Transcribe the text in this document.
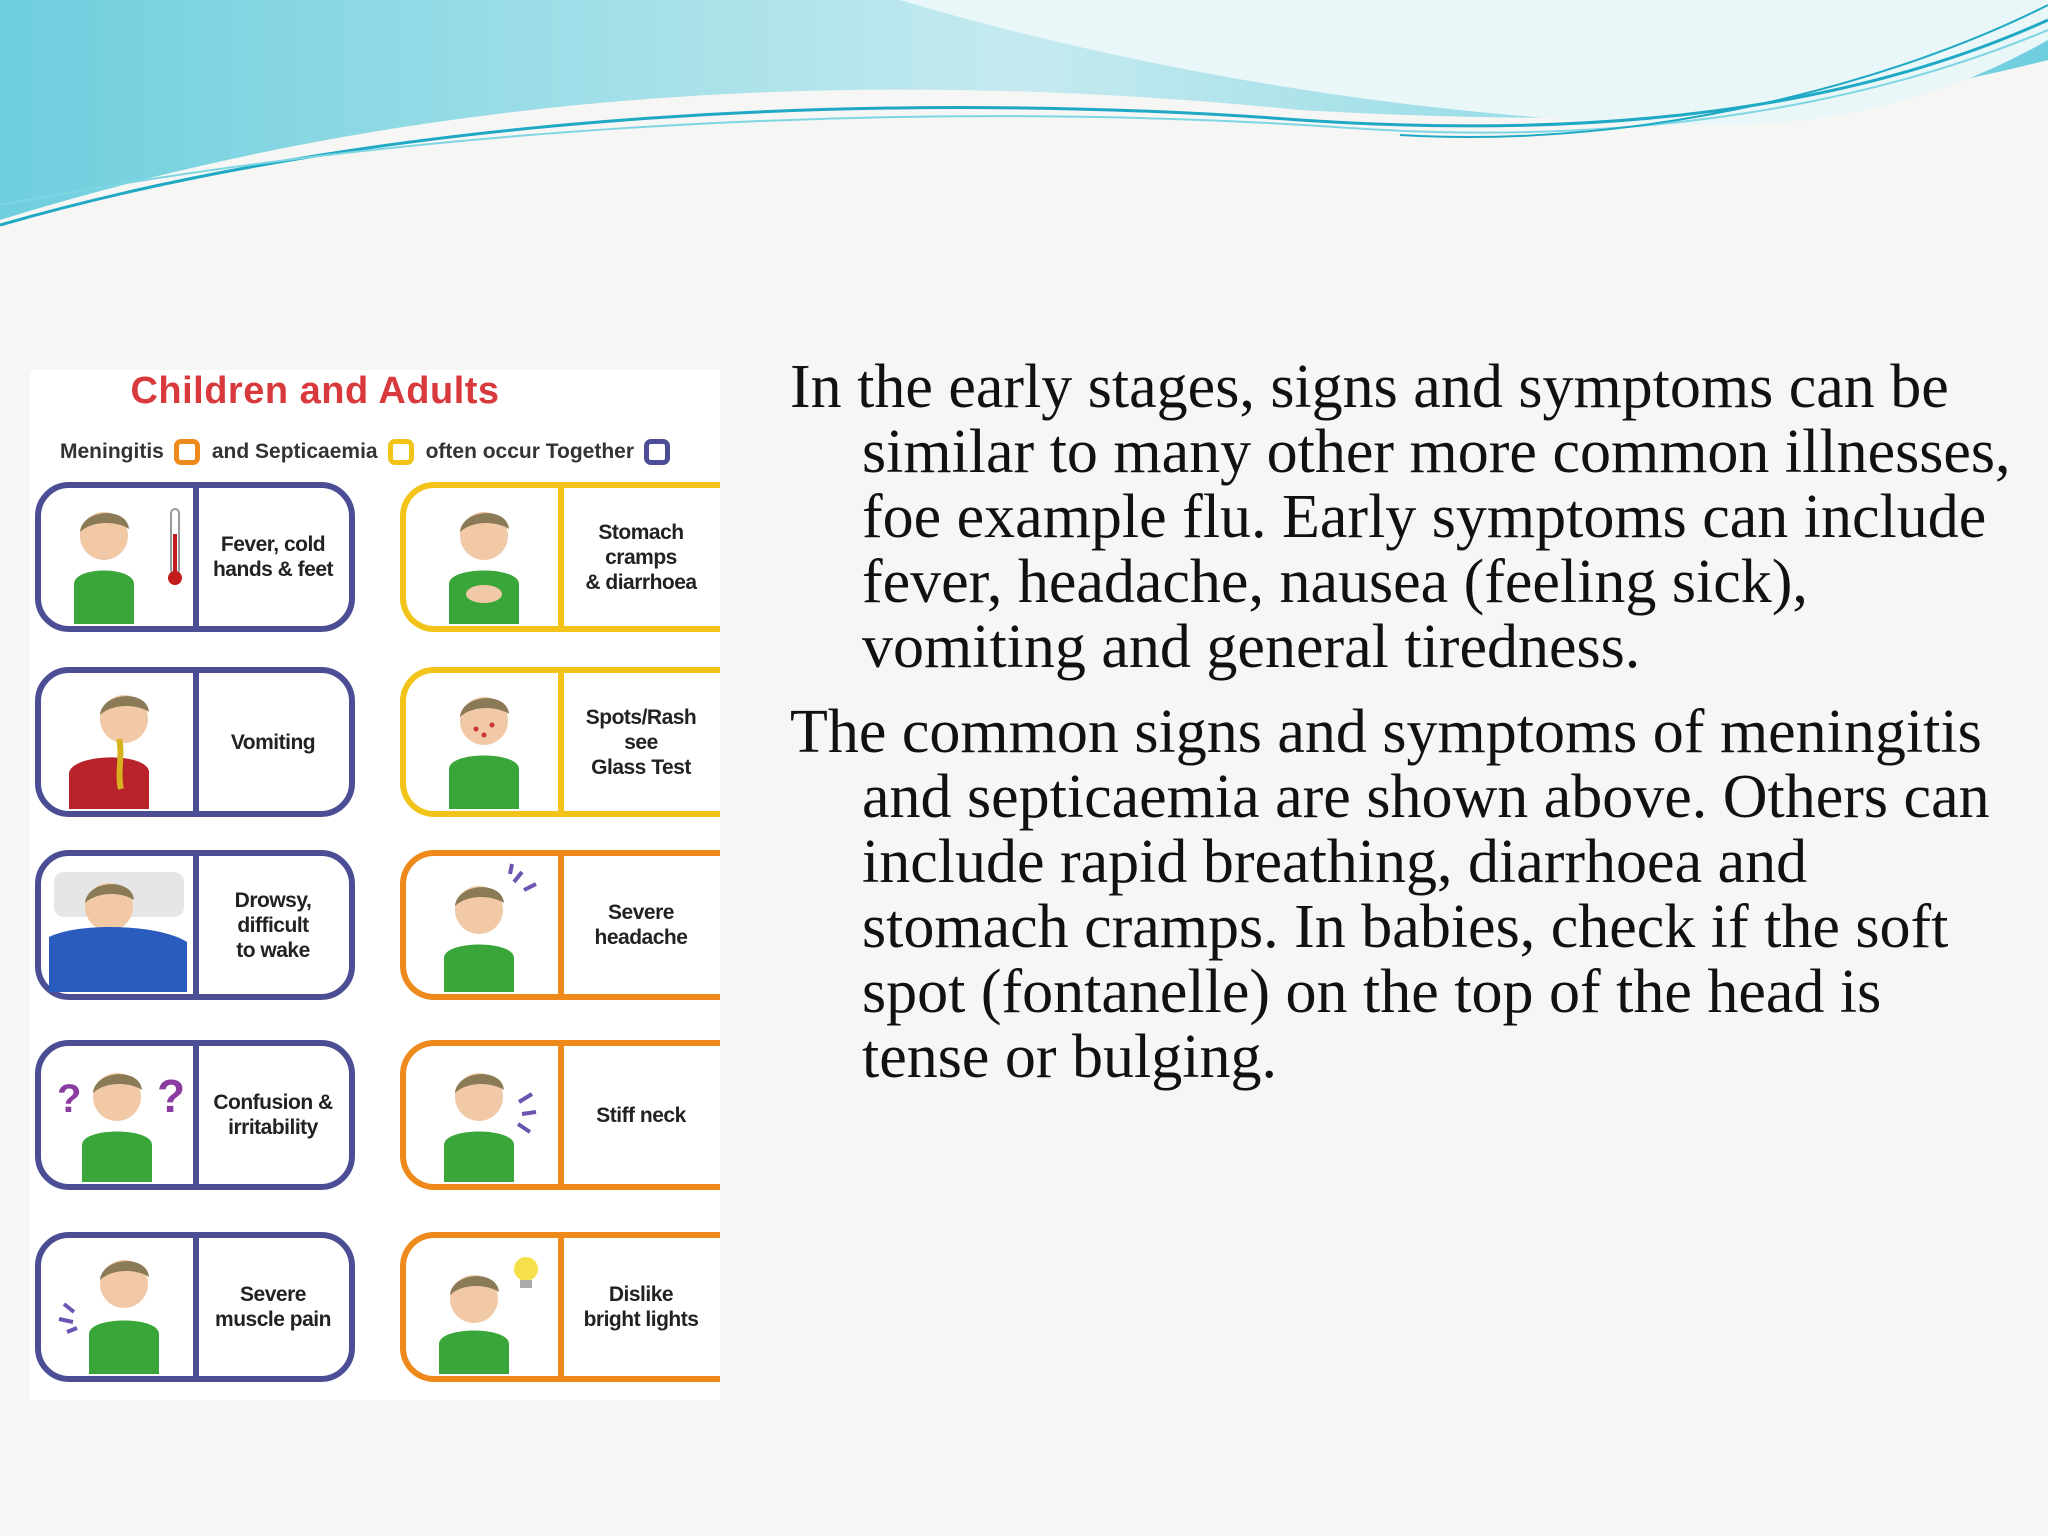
Children and Adults
Meningitis and Septicaemia often occur Together
Fever, cold
hands & feet
Stomach
cramps
& diarrhoea
Vomiting
Spots/Rash
see
Glass Test
Drowsy,
difficult
to wake
Severe
headache
? ?	Confusion &
irritability
Stiff neck
Severe
muscle pain
Dislike
bright lights

In the early stages, signs and symptoms can be similar to many other more common illnesses, foe example flu. Early symptoms can include fever, headache, nausea (feeling sick), vomiting and general tiredness.

The common signs and symptoms of meningitis and septicaemia are shown above. Others can include rapid breathing, diarrhoea and stomach cramps. In babies, check if the soft spot (fontanelle) on the top of the head is tense or bulging.
